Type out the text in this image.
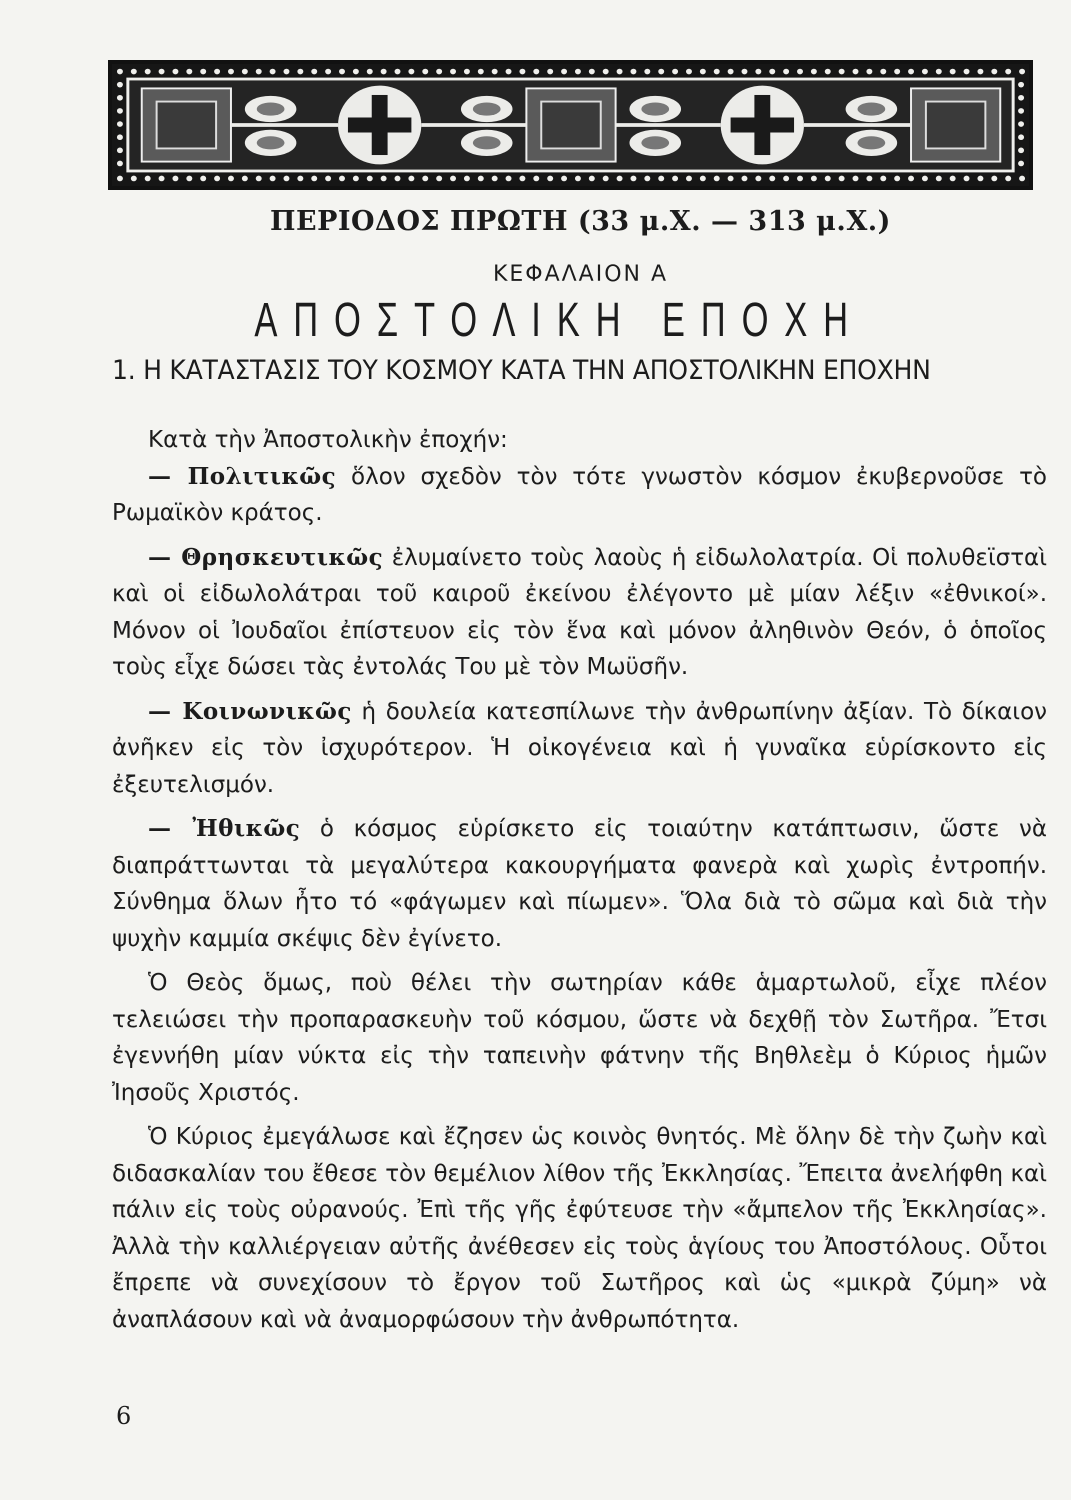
ΠΕΡΙΟΔΟΣ ΠΡΩΤΗ (33 μ.Χ. — 313 μ.Χ.)
ΚΕΦΑΛΑΙΟΝ Α
ΑΠΟΣΤΟΛΙΚΗ ΕΠΟΧΗ
1. Η ΚΑΤΑΣΤΑΣΙΣ ΤΟΥ ΚΟΣΜΟΥ ΚΑΤΑ ΤΗΝ ΑΠΟΣΤΟΛΙΚΗΝ ΕΠΟΧΗΝ

Κατὰ τὴν Ἀποστολικὴν ἐποχήν:

— Πολιτικῶς ὅλον σχεδὸν τὸν τότε γνωστὸν κόσμον ἐκυβερνοῦσε τὸ Ρωμαϊκὸν κράτος.

— Θρησκευτικῶς ἐλυμαίνετο τοὺς λαοὺς ἡ εἰδωλολατρία. Οἱ πολυθεϊσταὶ καὶ οἱ εἰδωλολάτραι τοῦ καιροῦ ἐκείνου ἐλέγοντο μὲ μίαν λέξιν «ἐθνικοί». Μόνον οἱ Ἰουδαῖοι ἐπίστευον εἰς τὸν ἕνα καὶ μόνον ἀληθινὸν Θεόν, ὁ ὁποῖος τοὺς εἶχε δώσει τὰς ἐντολάς Του μὲ τὸν Μωϋσῆν.

— Κοινωνικῶς ἡ δουλεία κατεσπίλωνε τὴν ἀνθρωπίνην ἀξίαν. Τὸ δίκαιον ἀνῆκεν εἰς τὸν ἰσχυρότερον. Ἡ οἰκογένεια καὶ ἡ γυναῖκα εὑρίσκοντο εἰς ἐξευτελισμόν.

— Ἠθικῶς ὁ κόσμος εὑρίσκετο εἰς τοιαύτην κατάπτωσιν, ὥστε νὰ διαπράττωνται τὰ μεγαλύτερα κακουργήματα φανερὰ καὶ χωρὶς ἐντροπήν. Σύνθημα ὅλων ἦτο τό «φάγωμεν καὶ πίωμεν». Ὅλα διὰ τὸ σῶμα καὶ διὰ τὴν ψυχὴν καμμία σκέψις δὲν ἐγίνετο.

Ὁ Θεὸς ὅμως, ποὺ θέλει τὴν σωτηρίαν κάθε ἁμαρτωλοῦ, εἶχε πλέον τελειώσει τὴν προπαρασκευὴν τοῦ κόσμου, ὥστε νὰ δεχθῇ τὸν Σωτῆρα. Ἔτσι ἐγεννήθη μίαν νύκτα εἰς τὴν ταπεινὴν φάτνην τῆς Βηθλεὲμ ὁ Κύριος ἡμῶν Ἰησοῦς Χριστός.

Ὁ Κύριος ἐμεγάλωσε καὶ ἔζησεν ὡς κοινὸς θνητός. Μὲ ὅλην δὲ τὴν ζωὴν καὶ διδασκαλίαν του ἔθεσε τὸν θεμέλιον λίθον τῆς Ἐκκλησίας. Ἔπειτα ἀνελήφθη καὶ πάλιν εἰς τοὺς οὐρανούς. Ἐπὶ τῆς γῆς ἐφύτευσε τὴν «ἄμπελον τῆς Ἐκκλησίας». Ἀλλὰ τὴν καλλιέργειαν αὐτῆς ἀνέθεσεν εἰς τοὺς ἁγίους του Ἀποστόλους. Οὗτοι ἔπρεπε νὰ συνεχίσουν τὸ ἔργον τοῦ Σωτῆρος καὶ ὡς «μικρὰ ζύμη» νὰ ἀναπλάσουν καὶ νὰ ἀναμορφώσουν τὴν ἀνθρωπότητα.

6
